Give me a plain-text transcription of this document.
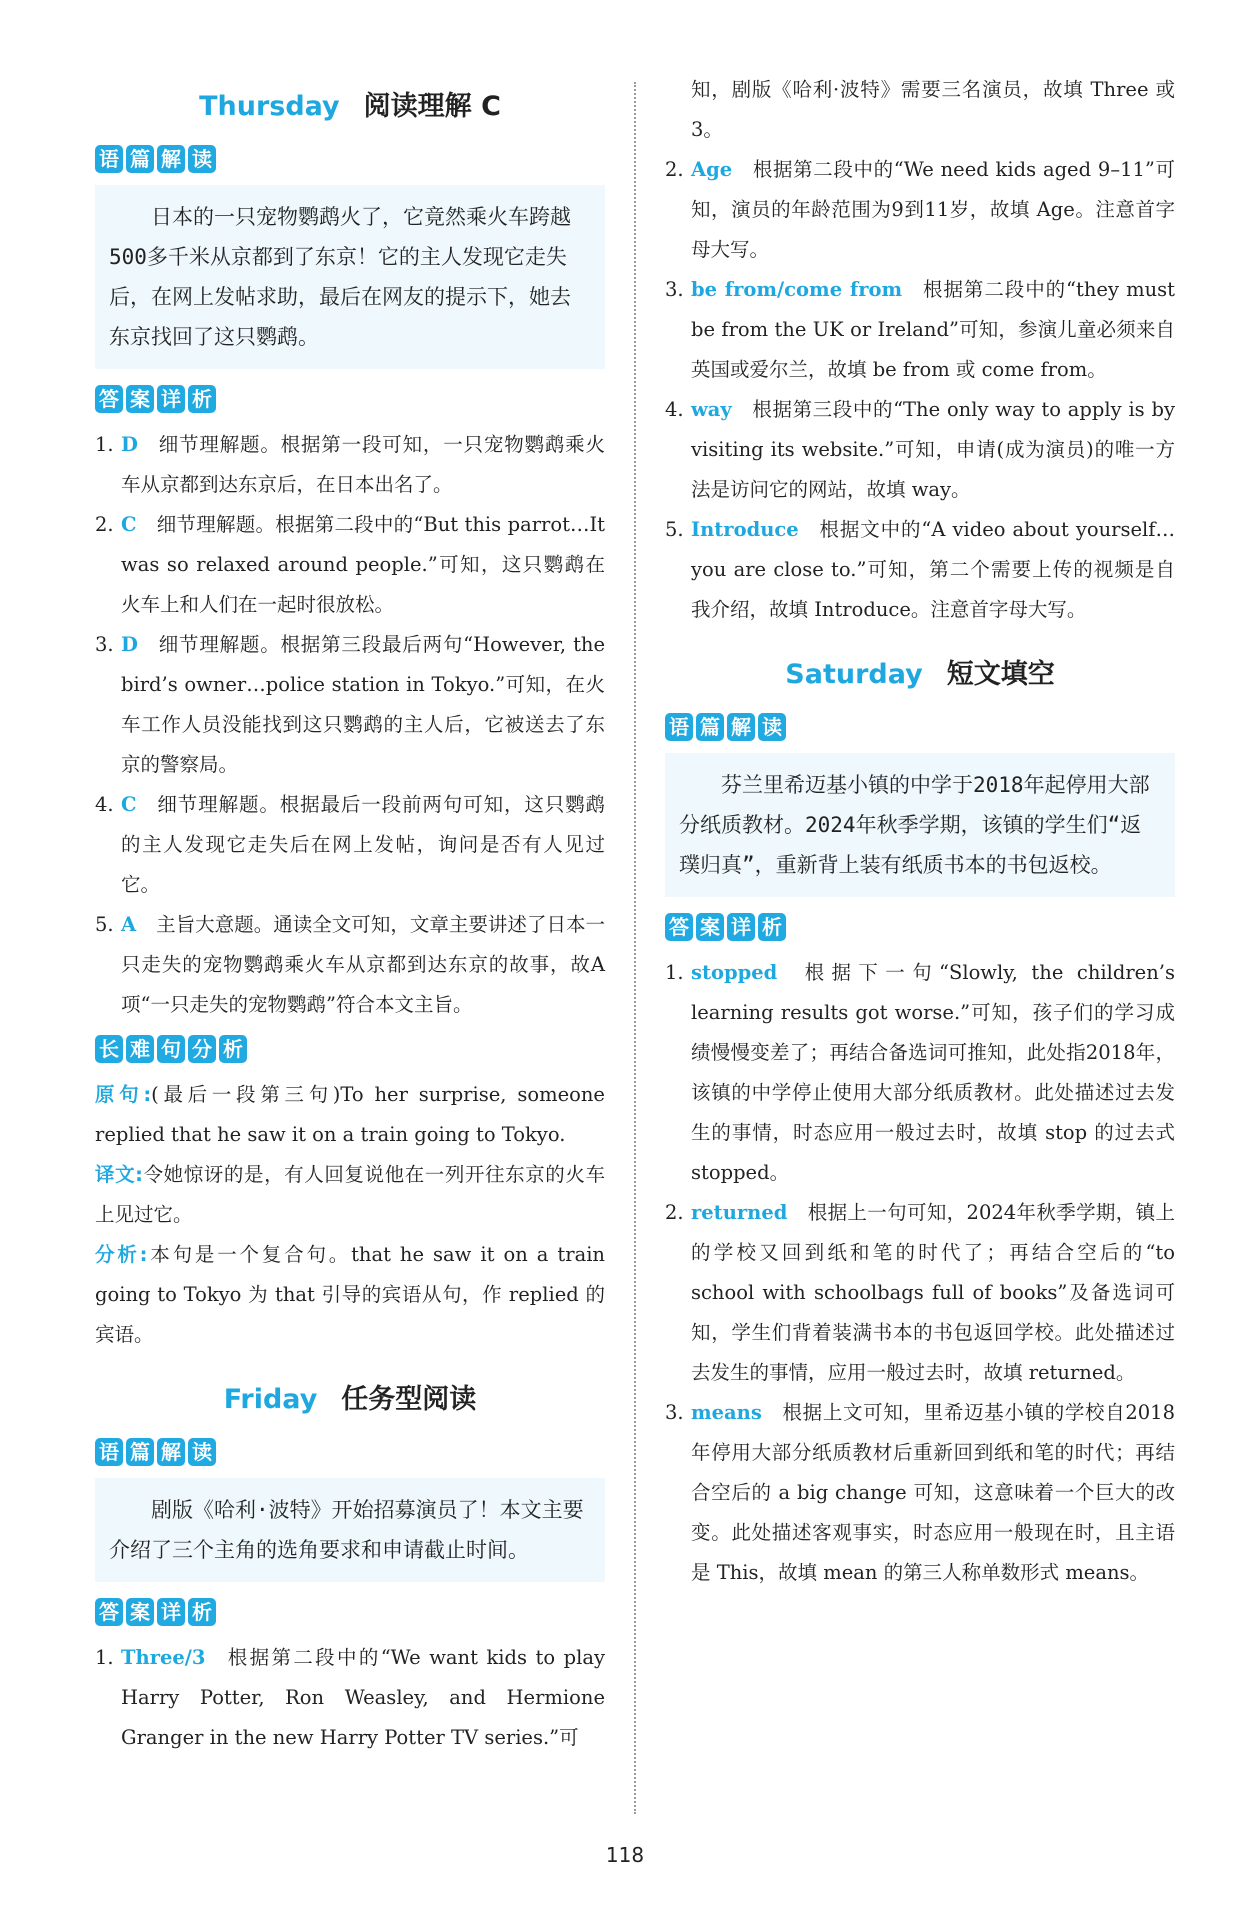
Thursday 阅读理解 C
语 篇 解 读
日本的一只宠物鹦鹉火了，它竟然乘火车跨越500多千米从京都到了东京！它的主人发现它走失后，在网上发帖求助，最后在网友的提示下，她去东京找回了这只鹦鹉。
答 案 详 析
1. D 细节理解题。根据第一段可知，一只宠物鹦鹉乘火车从京都到达东京后，在日本出名了。
2. C 细节理解题。根据第二段中的“But this parrot…It was so relaxed around people.”可知，这只鹦鹉在火车上和人们在一起时很放松。
3. D 细节理解题。根据第三段最后两句“However, the bird’s owner…police station in Tokyo.”可知，在火车工作人员没能找到这只鹦鹉的主人后，它被送去了东京的警察局。
4. C 细节理解题。根据最后一段前两句可知，这只鹦鹉的主人发现它走失后在网上发帖，询问是否有人见过它。
5. A 主旨大意题。通读全文可知，文章主要讲述了日本一只走失的宠物鹦鹉乘火车从京都到达东京的故事，故A项“一只走失的宠物鹦鹉”符合本文主旨。
长 难 句 分 析
原句:(最后一段第三句)To her surprise, someone replied that he saw it on a train going to Tokyo.
译文:令她惊讶的是，有人回复说他在一列开往东京的火车上见过它。
分析:本句是一个复合句。that he saw it on a train going to Tokyo 为 that 引导的宾语从句，作 replied 的宾语。
Friday 任务型阅读
语 篇 解 读
剧版《哈利·波特》开始招募演员了！本文主要介绍了三个主角的选角要求和申请截止时间。
答 案 详 析
1. Three/3 根据第二段中的“We want kids to play Harry Potter, Ron Weasley, and Hermione Granger in the new Harry Potter TV series.”可
知，剧版《哈利·波特》需要三名演员，故填 Three 或 3。
2. Age 根据第二段中的“We need kids aged 9–11”可知，演员的年龄范围为9到11岁，故填 Age。注意首字母大写。
3. be from/come from 根据第二段中的“they must be from the UK or Ireland”可知，参演儿童必须来自英国或爱尔兰，故填 be from 或 come from。
4. way 根据第三段中的“The only way to apply is by visiting its website.”可知，申请(成为演员)的唯一方法是访问它的网站，故填 way。
5. Introduce 根据文中的“A video about yourself…you are close to.”可知，第二个需要上传的视频是自我介绍，故填 Introduce。注意首字母大写。
Saturday 短文填空
语 篇 解 读
芬兰里希迈基小镇的中学于2018年起停用大部分纸质教材。2024年秋季学期，该镇的学生们“返璞归真”，重新背上装有纸质书本的书包返校。
答 案 详 析
1. stopped 根据下一句“Slowly, the children’s learning results got worse.”可知，孩子们的学习成绩慢慢变差了；再结合备选词可推知，此处指2018年，该镇的中学停止使用大部分纸质教材。此处描述过去发生的事情，时态应用一般过去时，故填 stop 的过去式 stopped。
2. returned 根据上一句可知，2024年秋季学期，镇上的学校又回到纸和笔的时代了；再结合空后的“to school with schoolbags full of books”及备选词可知，学生们背着装满书本的书包返回学校。此处描述过去发生的事情，应用一般过去时，故填 returned。
3. means 根据上文可知，里希迈基小镇的学校自2018年停用大部分纸质教材后重新回到纸和笔的时代；再结合空后的 a big change 可知，这意味着一个巨大的改变。此处描述客观事实，时态应用一般现在时，且主语是 This，故填 mean 的第三人称单数形式 means。
118
